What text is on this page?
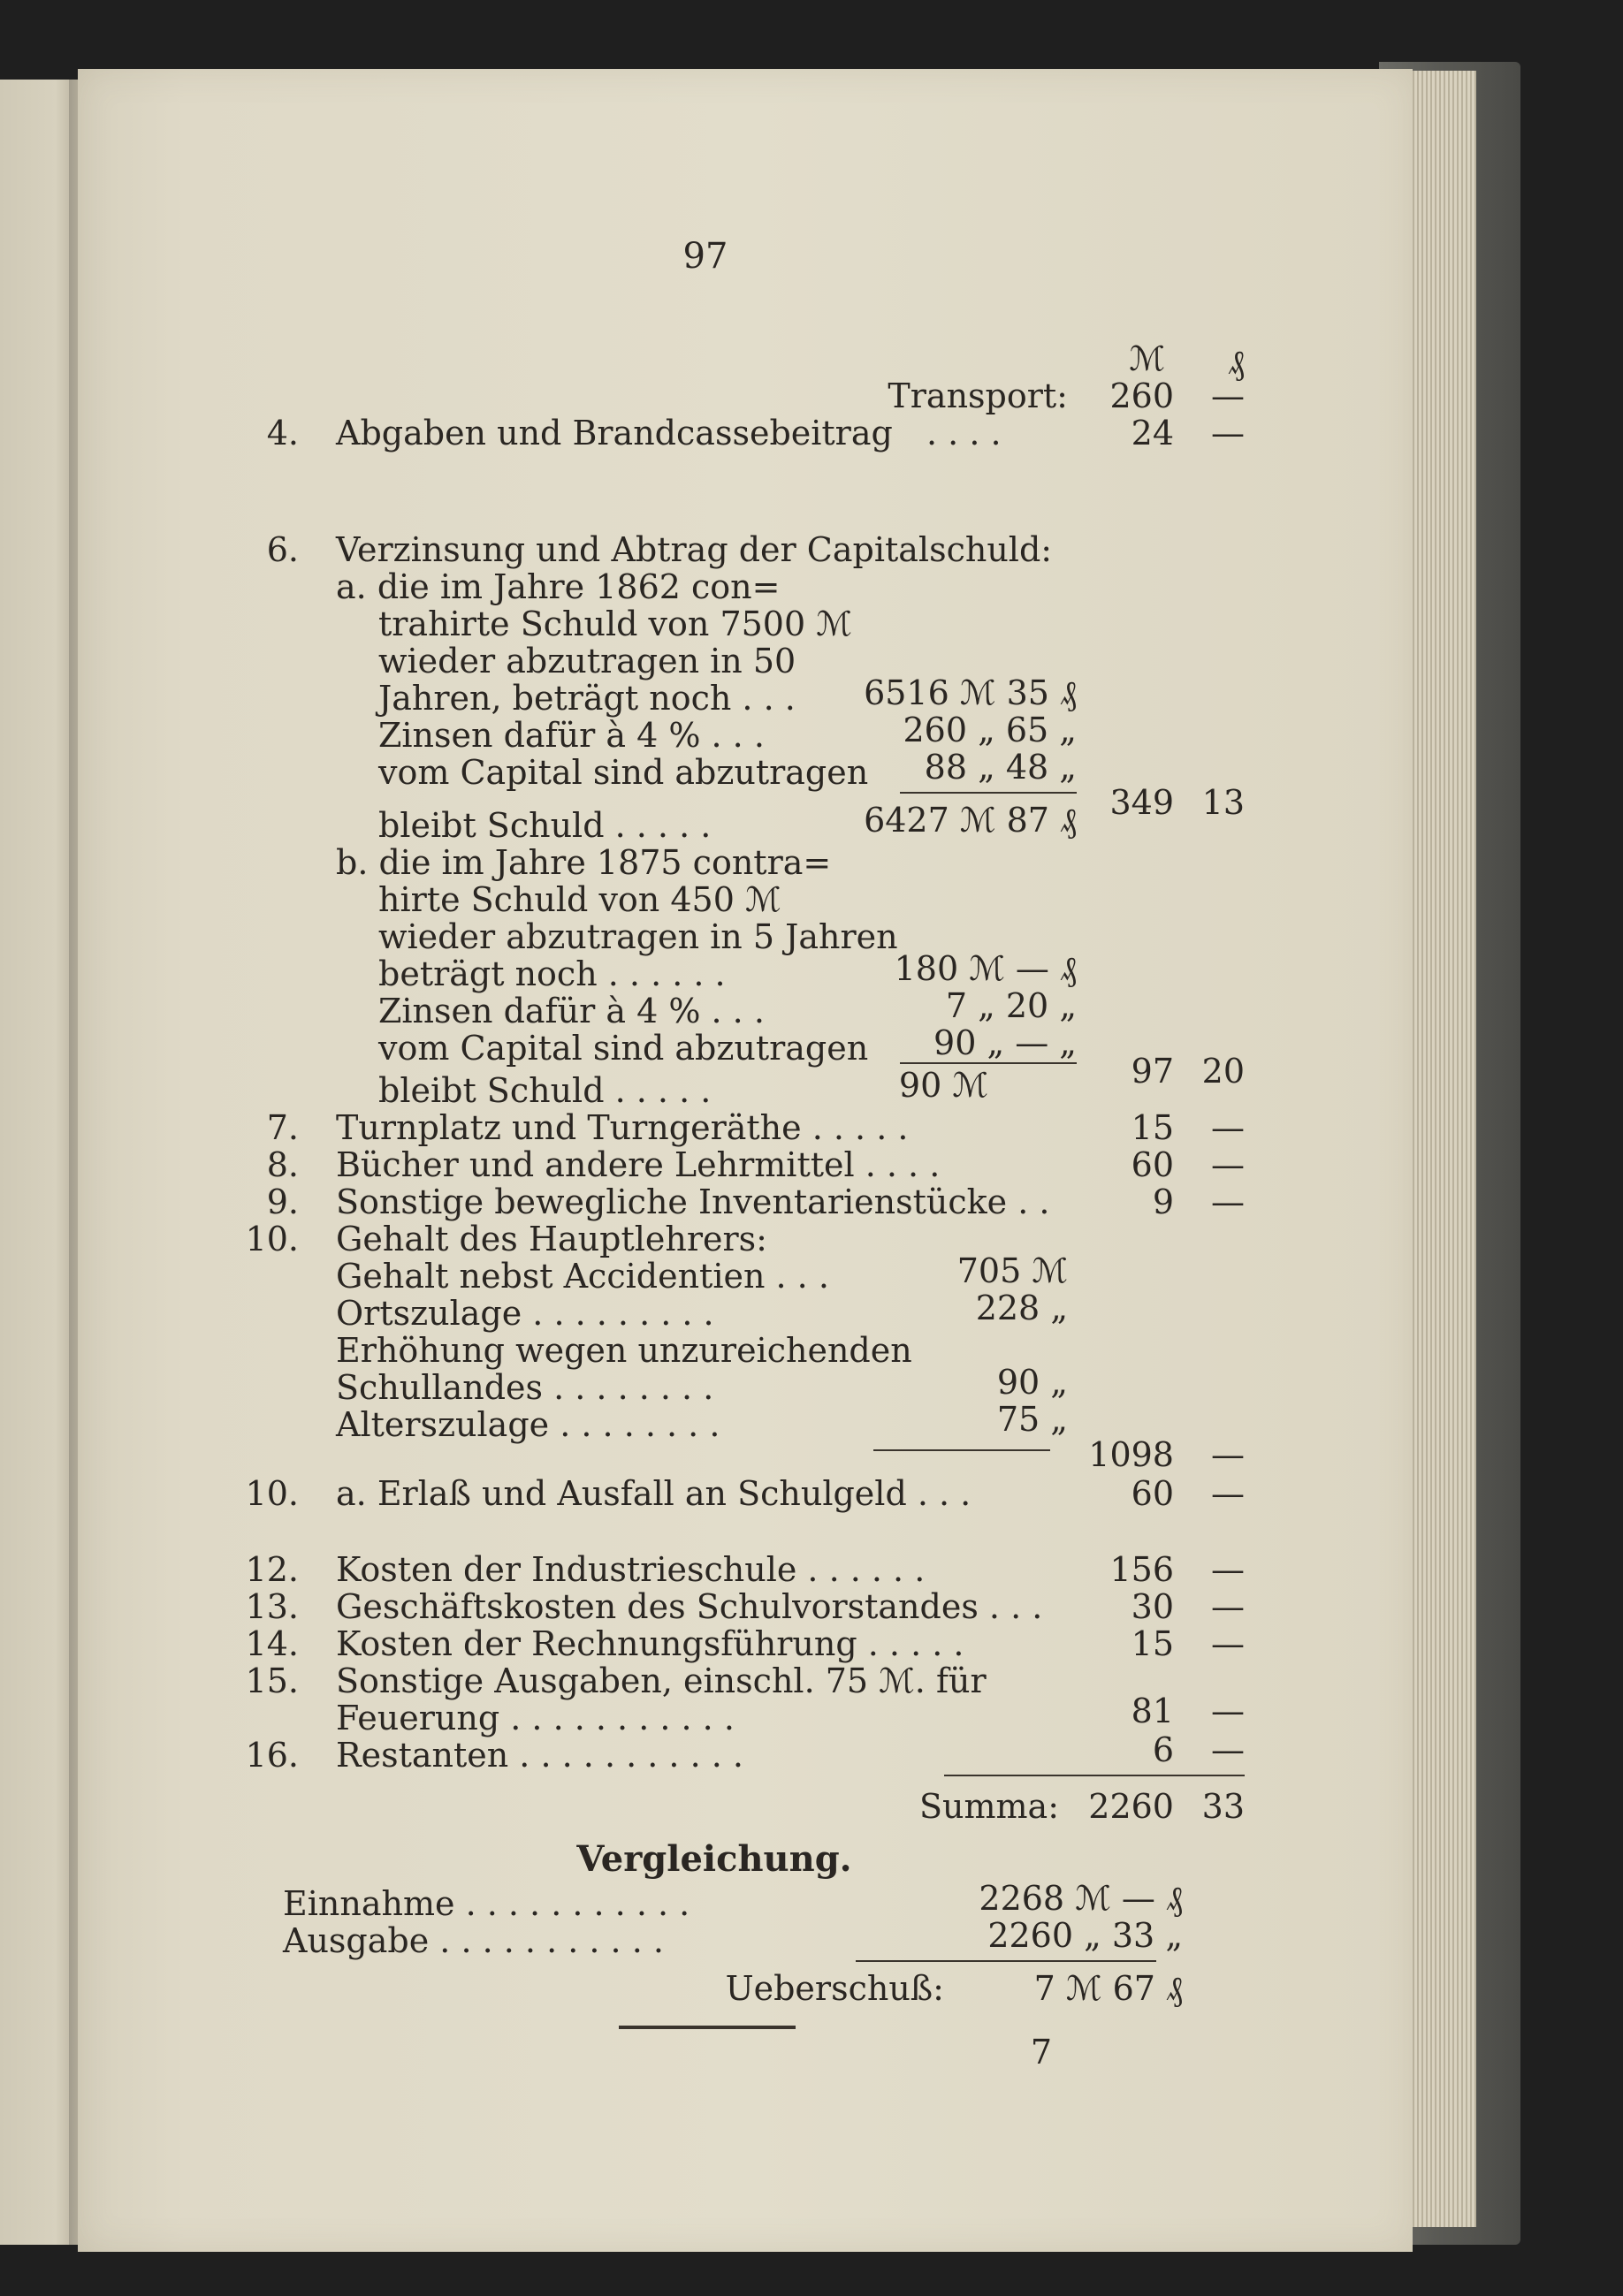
97
ℳ	₰
Transport:	260	—
4. Abgaben und Brandcassebeitrag . . . .	24	—
6. Verzinsung und Abtrag der Capitalschuld:
a. die im Jahre 1862 con=
trahirte Schuld von 7500 ℳ
wieder abzutragen in 50
Jahren, beträgt noch . . .	6516 ℳ 35 ₰
Zinsen dafür à 4 % . . .	260 „ 65 „
vom Capital sind abzutragen	88 „ 48 „
349 13
bleibt Schuld . . . . .	6427 ℳ 87 ₰
b. die im Jahre 1875 contra=
hirte Schuld von 450 ℳ
wieder abzutragen in 5 Jahren
beträgt noch . . . . . .	180 ℳ — ₰
Zinsen dafür à 4 % . . .	7 „ 20 „
vom Capital sind abzutragen	90 „ — „
97 20
bleibt Schuld . . . . .	90 ℳ
7. Turnplatz und Turngeräthe . . . . .	15	—
8. Bücher und andere Lehrmittel . . . .	60	—
9. Sonstige bewegliche Inventarienstücke . .	9	—
10. Gehalt des Hauptlehrers:
Gehalt nebst Accidentien . . .	705 ℳ
Ortszulage . . . . . . . . .	228 „
Erhöhung wegen unzureichenden
Schullandes . . . . . . . .	90 „
Alterszulage . . . . . . . .	75 „
1098	—
10. a. Erlaß und Ausfall an Schulgeld . . .	60	—
12. Kosten der Industrieschule . . . . . .	156	—
13. Geschäftskosten des Schulvorstandes . . .	30	—
14. Kosten der Rechnungsführung . . . . .	15	—
15. Sonstige Ausgaben, einschl. 75 ℳ. für
Feuerung . . . . . . . . . . .	81	—
16. Restanten . . . . . . . . . . .	6	—
Summa: 2260 33
Vergleichung.
Einnahme . . . . . . . . . . .	2268 ℳ — ₰
Ausgabe . . . . . . . . . . .	2260 „ 33 „
Ueberschuß:	7 ℳ 67 ₰
7
